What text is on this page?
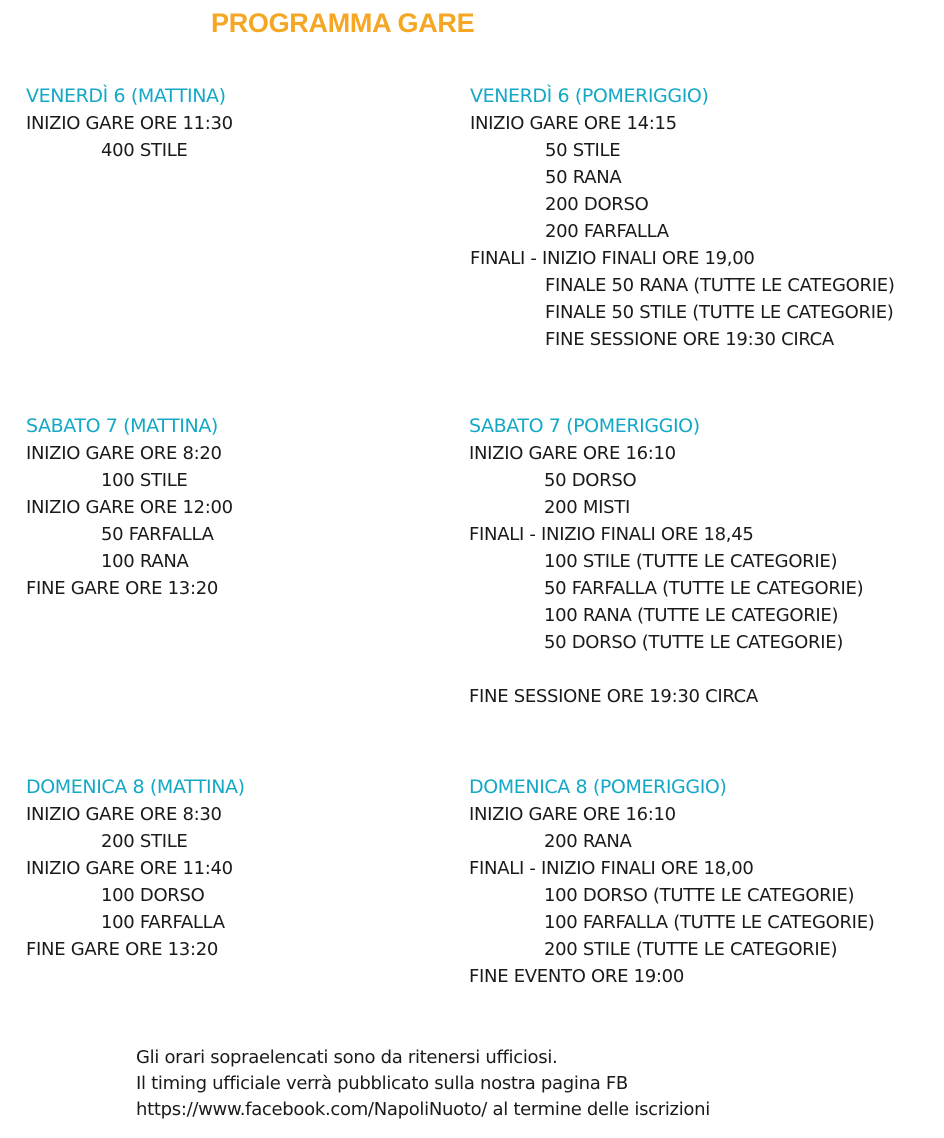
PROGRAMMA GARE
VENERDÌ 6 (MATTINA)
INIZIO GARE ORE 11:30
400 STILE
VENERDÌ 6 (POMERIGGIO)
INIZIO GARE ORE 14:15
50 STILE
50 RANA
200 DORSO
200 FARFALLA
FINALI - INIZIO FINALI ORE 19,00
FINALE 50 RANA (TUTTE LE CATEGORIE)
FINALE 50 STILE (TUTTE LE CATEGORIE)
FINE SESSIONE ORE 19:30 CIRCA
SABATO 7 (MATTINA)
INIZIO GARE ORE 8:20
100 STILE
INIZIO GARE ORE 12:00
50 FARFALLA
100 RANA
FINE GARE ORE 13:20
SABATO 7 (POMERIGGIO)
INIZIO GARE ORE 16:10
50 DORSO
200 MISTI
FINALI - INIZIO FINALI ORE 18,45
100 STILE (TUTTE LE CATEGORIE)
50 FARFALLA (TUTTE LE CATEGORIE)
100 RANA (TUTTE LE CATEGORIE)
50 DORSO (TUTTE LE CATEGORIE)
FINE SESSIONE ORE 19:30 CIRCA
DOMENICA 8 (MATTINA)
INIZIO GARE ORE 8:30
200 STILE
INIZIO GARE ORE 11:40
100 DORSO
100 FARFALLA
FINE GARE ORE 13:20
DOMENICA 8 (POMERIGGIO)
INIZIO GARE ORE 16:10
200 RANA
FINALI - INIZIO FINALI ORE 18,00
100 DORSO (TUTTE LE CATEGORIE)
100 FARFALLA (TUTTE LE CATEGORIE)
200 STILE (TUTTE LE CATEGORIE)
FINE EVENTO ORE 19:00
Gli orari sopraelencati sono da ritenersi ufficiosi.
Il timing ufficiale verrà pubblicato sulla nostra pagina FB
https://www.facebook.com/NapoliNuoto/ al termine delle iscrizioni
